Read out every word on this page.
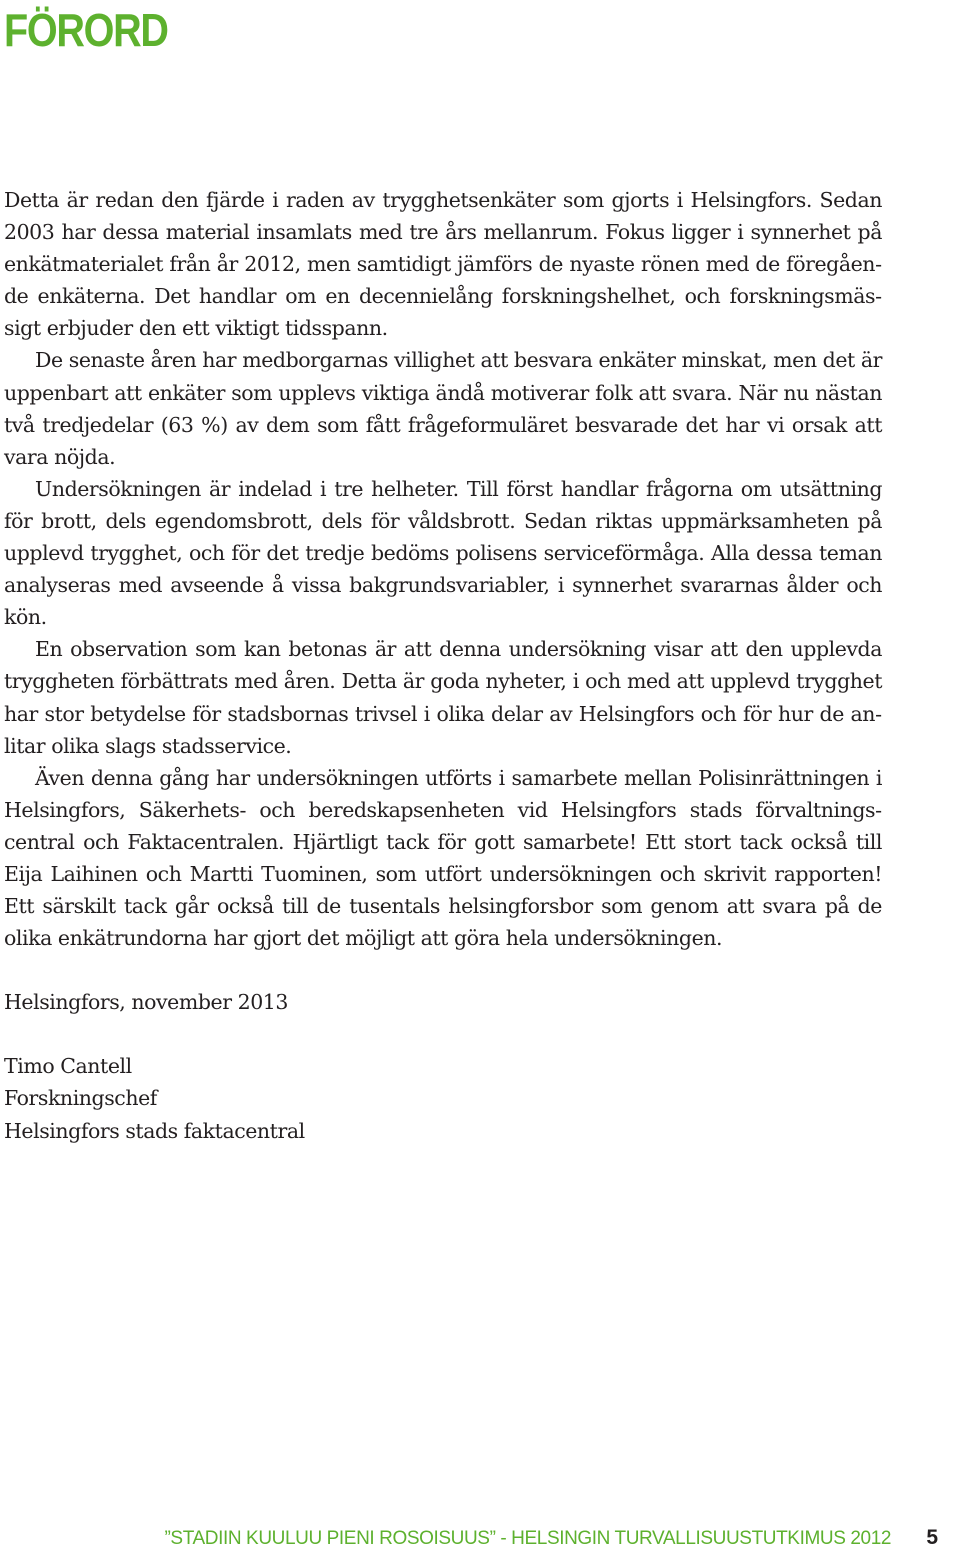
FÖRORD

Detta är redan den fjärde i raden av trygghetsenkäter som gjorts i Helsingfors. Sedan 2003 har dessa material insamlats med tre års mellanrum. Fokus ligger i synnerhet på enkätmaterialet från år 2012, men samtidigt jämförs de nyaste rönen med de föregående enkäterna. Det handlar om en decennielång forskningshelhet, och forskningsmässigt erbjuder den ett viktigt tidsspann.

De senaste åren har medborgarnas villighet att besvara enkäter minskat, men det är uppenbart att enkäter som upplevs viktiga ändå motiverar folk att svara. När nu nästan två tredjedelar (63 %) av dem som fått frågeformuläret besvarade det har vi orsak att vara nöjda.

Undersökningen är indelad i tre helheter. Till först handlar frågorna om utsättning för brott, dels egendomsbrott, dels för våldsbrott. Sedan riktas uppmärksamheten på upplevd trygghet, och för det tredje bedöms polisens serviceförmåga. Alla dessa teman analyseras med avseende å vissa bakgrundsvariabler, i synnerhet svararnas ålder och kön.

En observation som kan betonas är att denna undersökning visar att den upplevda tryggheten förbättrats med åren. Detta är goda nyheter, i och med att upplevd trygghet har stor betydelse för stadsbornas trivsel i olika delar av Helsingfors och för hur de anlitar olika slags stadsservice.

Även denna gång har undersökningen utförts i samarbete mellan Polisinrättningen i Helsingfors, Säkerhets- och beredskapsenheten vid Helsingfors stads förvaltningscentral och Faktacentralen. Hjärtligt tack för gott samarbete! Ett stort tack också till Eija Laihinen och Martti Tuominen, som utfört undersökningen och skrivit rapporten! Ett särskilt tack går också till de tusentals helsingforsbor som genom att svara på de olika enkätrundorna har gjort det möjligt att göra hela undersökningen.

Helsingfors, november 2013

Timo Cantell

Forskningschef

Helsingfors stads faktacentral

”STADIIN KUULUU PIENI ROSOISUUS” - HELSINGIN TURVALLISUUSTUTKIMUS 2012 5
